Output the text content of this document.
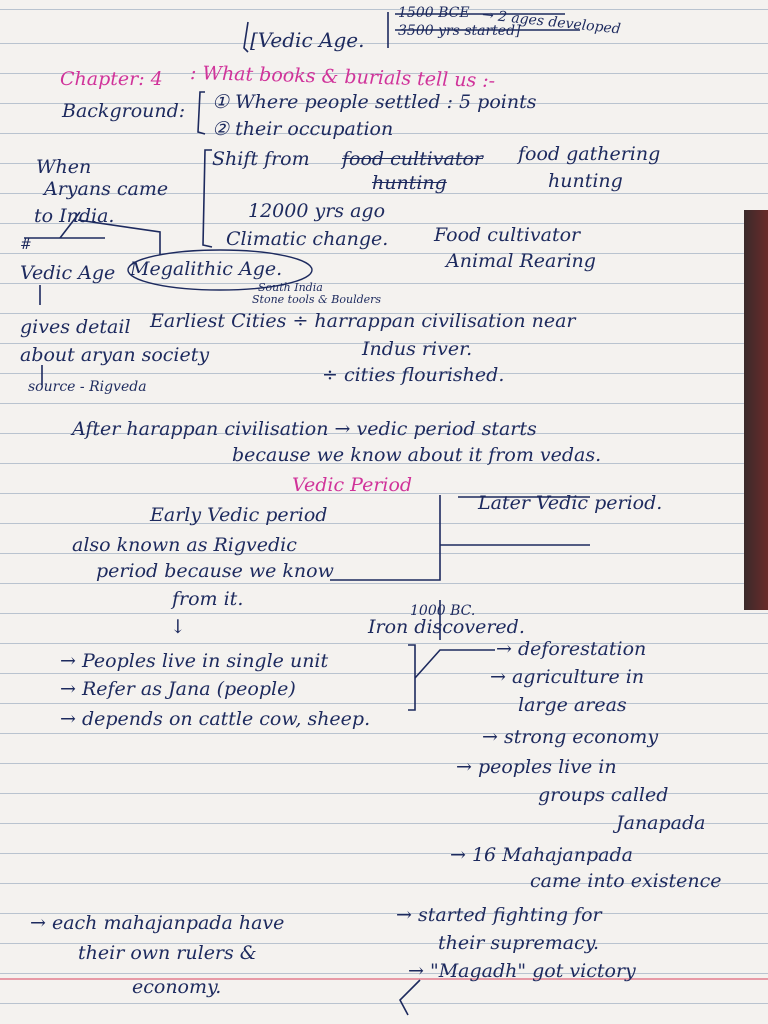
[Vedic Age.
1500 BCE → 2 ages developed
3500 yrs started]
Chapter: 4 : What books & burials tell us :-
Background: ① Where people settled : 5 points
② their occupation
When
Aryans came
to India.
#
Vedic Age Megalithic Age.
South India
Stone tools & Boulders
gives detail
about aryan society
source - Rigveda
Shift from food cultivator food gathering
hunting	hunting
12000 yrs ago
Climatic change. Food cultivator
Animal Rearing
Earliest Cities ÷ harrappan civilisation near
Indus river.
÷ cities flourished.
After harappan civilisation → vedic period starts
because we know about it from vedas.
Vedic Period
Early Vedic period
Later Vedic period.
also known as Rigvedic
period because we know
from it.
↓
1000 BC.
Iron discovered.
→ Peoples live in single unit
→ Refer as Jana (people)
→ depends on cattle cow, sheep.
→ deforestation
→ agriculture in
large areas
→ strong economy
→ peoples live in
groups called
Janapada
→ 16 Mahajanpada
came into existence
→ each mahajanpada have	→ started fighting for
their own rulers &	their supremacy.
economy.
→ "Magadh" got victory
